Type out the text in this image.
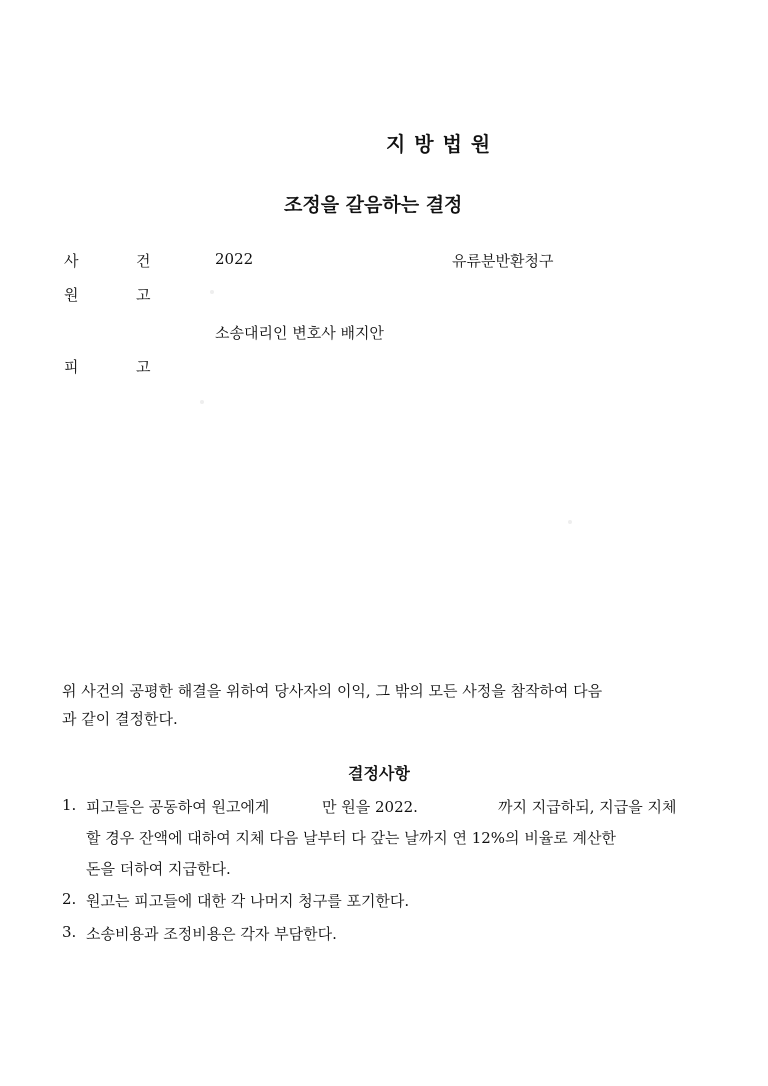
지 방 법 원
조정을 갈음하는 결정
사	건	2022	유류분반환청구
원	고
소송대리인 변호사 배지안
피	고
위 사건의 공평한 해결을 위하여 당사자의 이익, 그 밖의 모든 사정을 참작하여 다음
과 같이 결정한다.
결정사항
1. 피고들은 공동하여 원고에게	만 원을 2022.	까지 지급하되, 지급을 지체
할 경우 잔액에 대하여 지체 다음 날부터 다 갚는 날까지 연 12%의 비율로 계산한
돈을 더하여 지급한다.
2. 원고는 피고들에 대한 각 나머지 청구를 포기한다.
3. 소송비용과 조정비용은 각자 부담한다.
